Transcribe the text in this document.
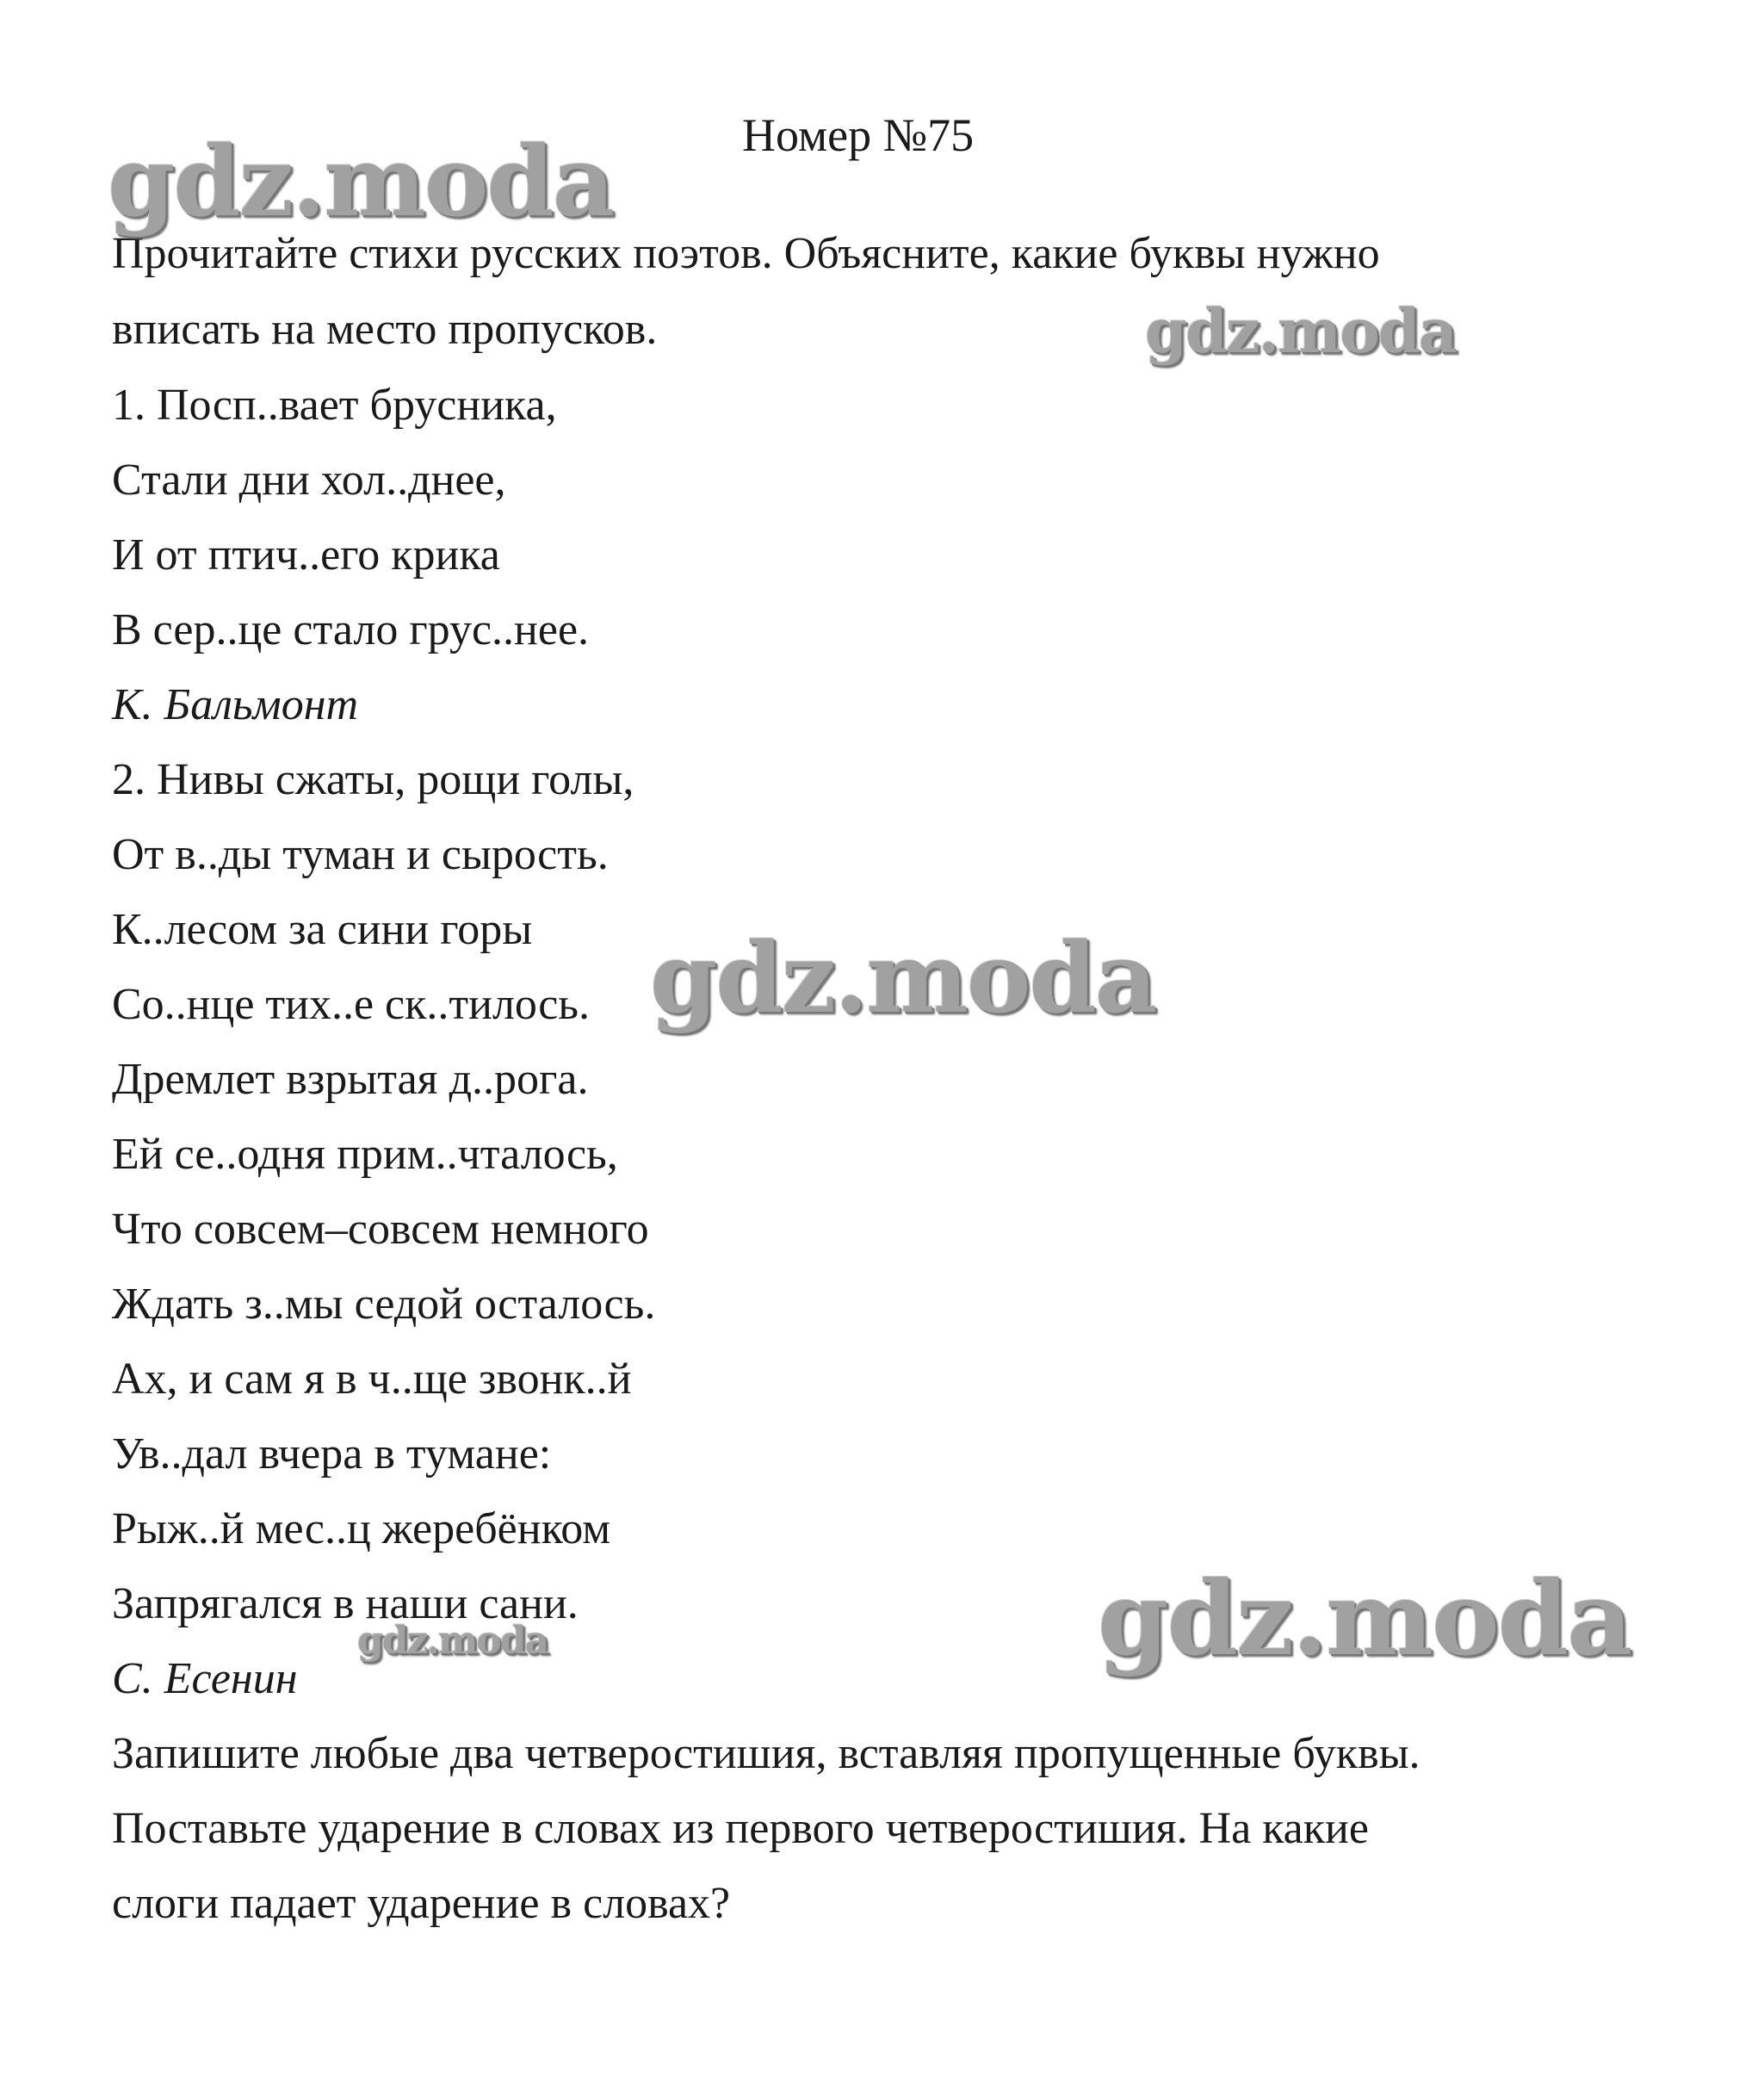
Номер №75
Прочитайте стихи русских поэтов. Объясните, какие буквы нужно
вписать на место пропусков.
1. Посп..вает брусника,
Стали дни хол..днее,
И от птич..его крика
В сер..це стало грус..нее.
К. Бальмонт
2. Нивы сжаты, рощи голы,
От в..ды туман и сырость.
К..лесом за сини горы
Со..нце тих..е ск..тилось.
Дремлет взрытая д..рога.
Ей се..одня прим..чталось,
Что совсем–совсем немного
Ждать з..мы седой осталось.
Ах, и сам я в ч..ще звонк..й
Ув..дал вчера в тумане:
Рыж..й мес..ц жеребёнком
Запрягался в наши сани.
С. Есенин
Запишите любые два четверостишия, вставляя пропущенные буквы.
Поставьте ударение в словах из первого четверостишия. На какие
слоги падает ударение в словах?
gdz.moda
gdz.moda
gdz.moda
gdz.moda
gdz.moda
